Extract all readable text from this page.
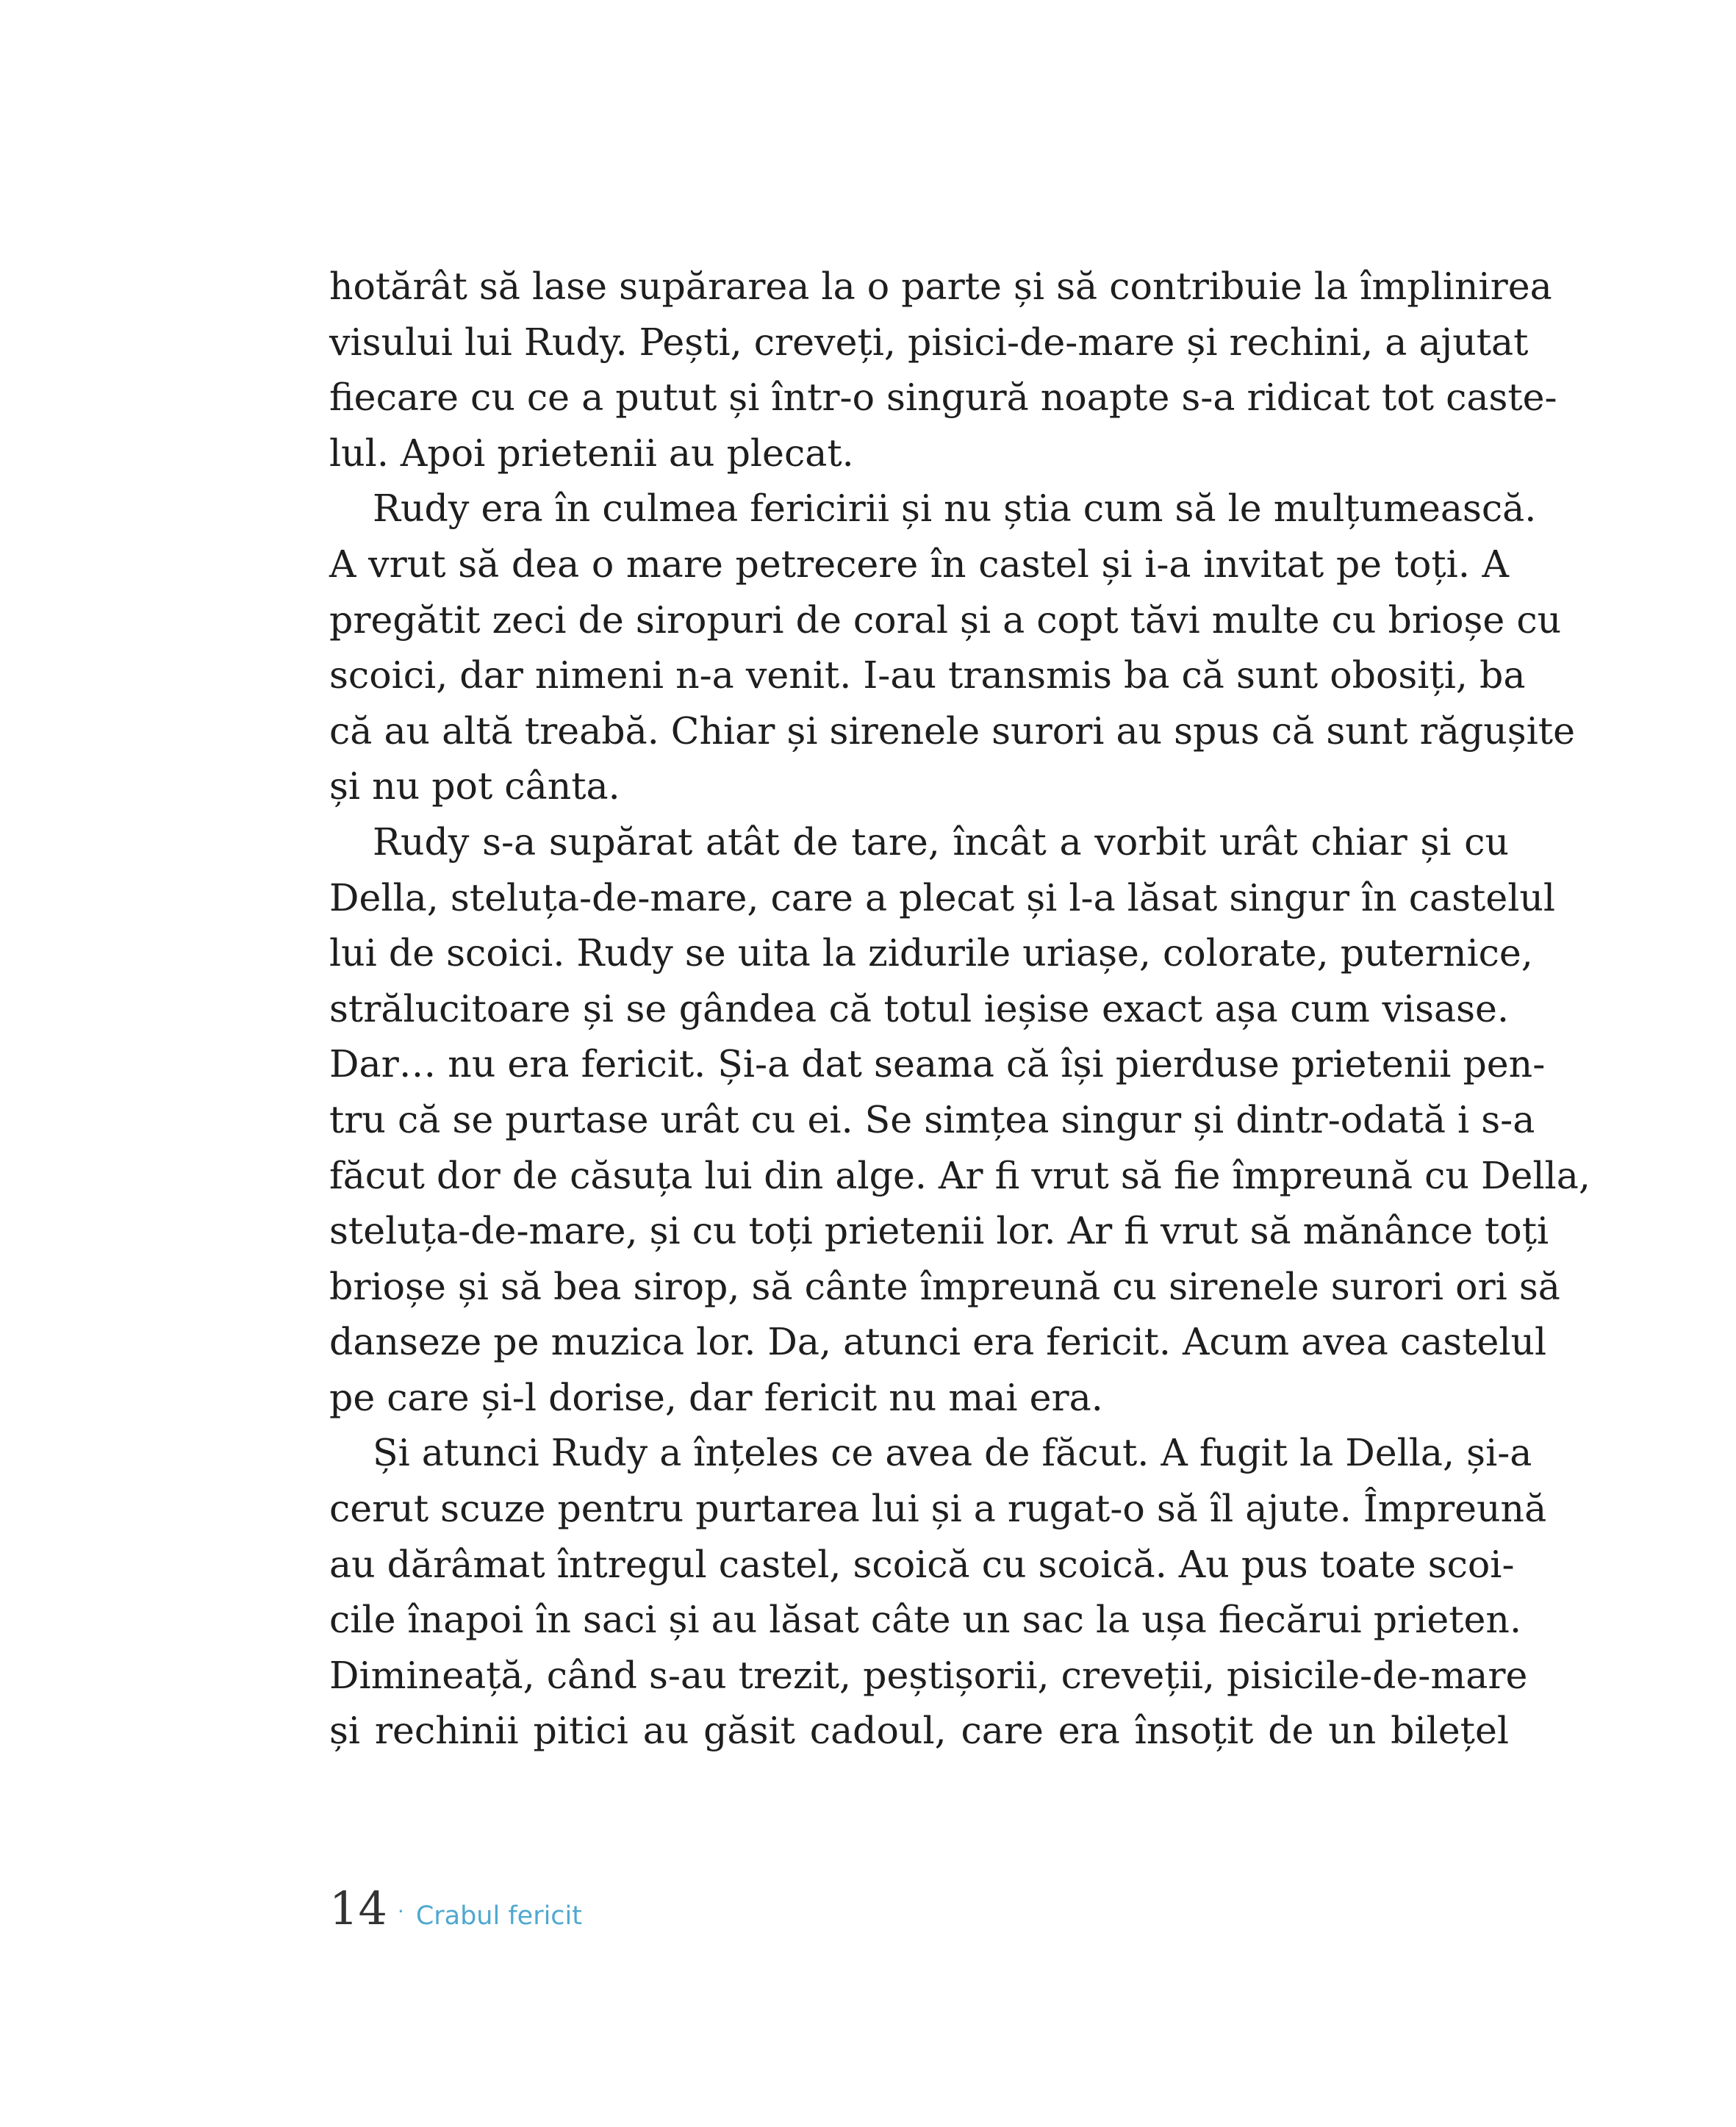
hotărât să lase supărarea la o parte și să contribuie la împlinirea
visului lui Rudy. Pești, creveți, pisici-de-mare și rechini, a ajutat
fiecare cu ce a putut și într-o singură noapte s-a ridicat tot caste-
lul. Apoi prietenii au plecat.
Rudy era în culmea fericirii și nu știa cum să le mulțumească.
A vrut să dea o mare petrecere în castel și i-a invitat pe toți. A
pregătit zeci de siropuri de coral și a copt tăvi multe cu brioșe cu
scoici, dar nimeni n-a venit. I-au transmis ba că sunt obosiți, ba
că au altă treabă. Chiar și sirenele surori au spus că sunt răgușite
și nu pot cânta.
Rudy s-a supărat atât de tare, încât a vorbit urât chiar și cu
Della, steluța-de-mare, care a plecat și l-a lăsat singur în castelul
lui de scoici. Rudy se uita la zidurile uriașe, colorate, puternice,
strălucitoare și se gândea că totul ieșise exact așa cum visase.
Dar… nu era fericit. Și-a dat seama că își pierduse prietenii pen-
tru că se purtase urât cu ei. Se simțea singur și dintr-odată i s-a
făcut dor de căsuța lui din alge. Ar fi vrut să fie împreună cu Della,
steluța-de-mare, și cu toți prietenii lor. Ar fi vrut să mănânce toți
brioșe și să bea sirop, să cânte împreună cu sirenele surori ori să
danseze pe muzica lor. Da, atunci era fericit. Acum avea castelul
pe care și-l dorise, dar fericit nu mai era.
Și atunci Rudy a înțeles ce avea de făcut. A fugit la Della, și-a
cerut scuze pentru purtarea lui și a rugat-o să îl ajute. Împreună
au dărâmat întregul castel, scoică cu scoică. Au pus toate scoi-
cile înapoi în saci și au lăsat câte un sac la ușa fiecărui prieten.
Dimineață, când s-au trezit, peștișorii, creveții, pisicile-de-mare
și rechinii pitici au găsit cadoul, care era însoțit de un bilețel
14 · Crabul fericit
